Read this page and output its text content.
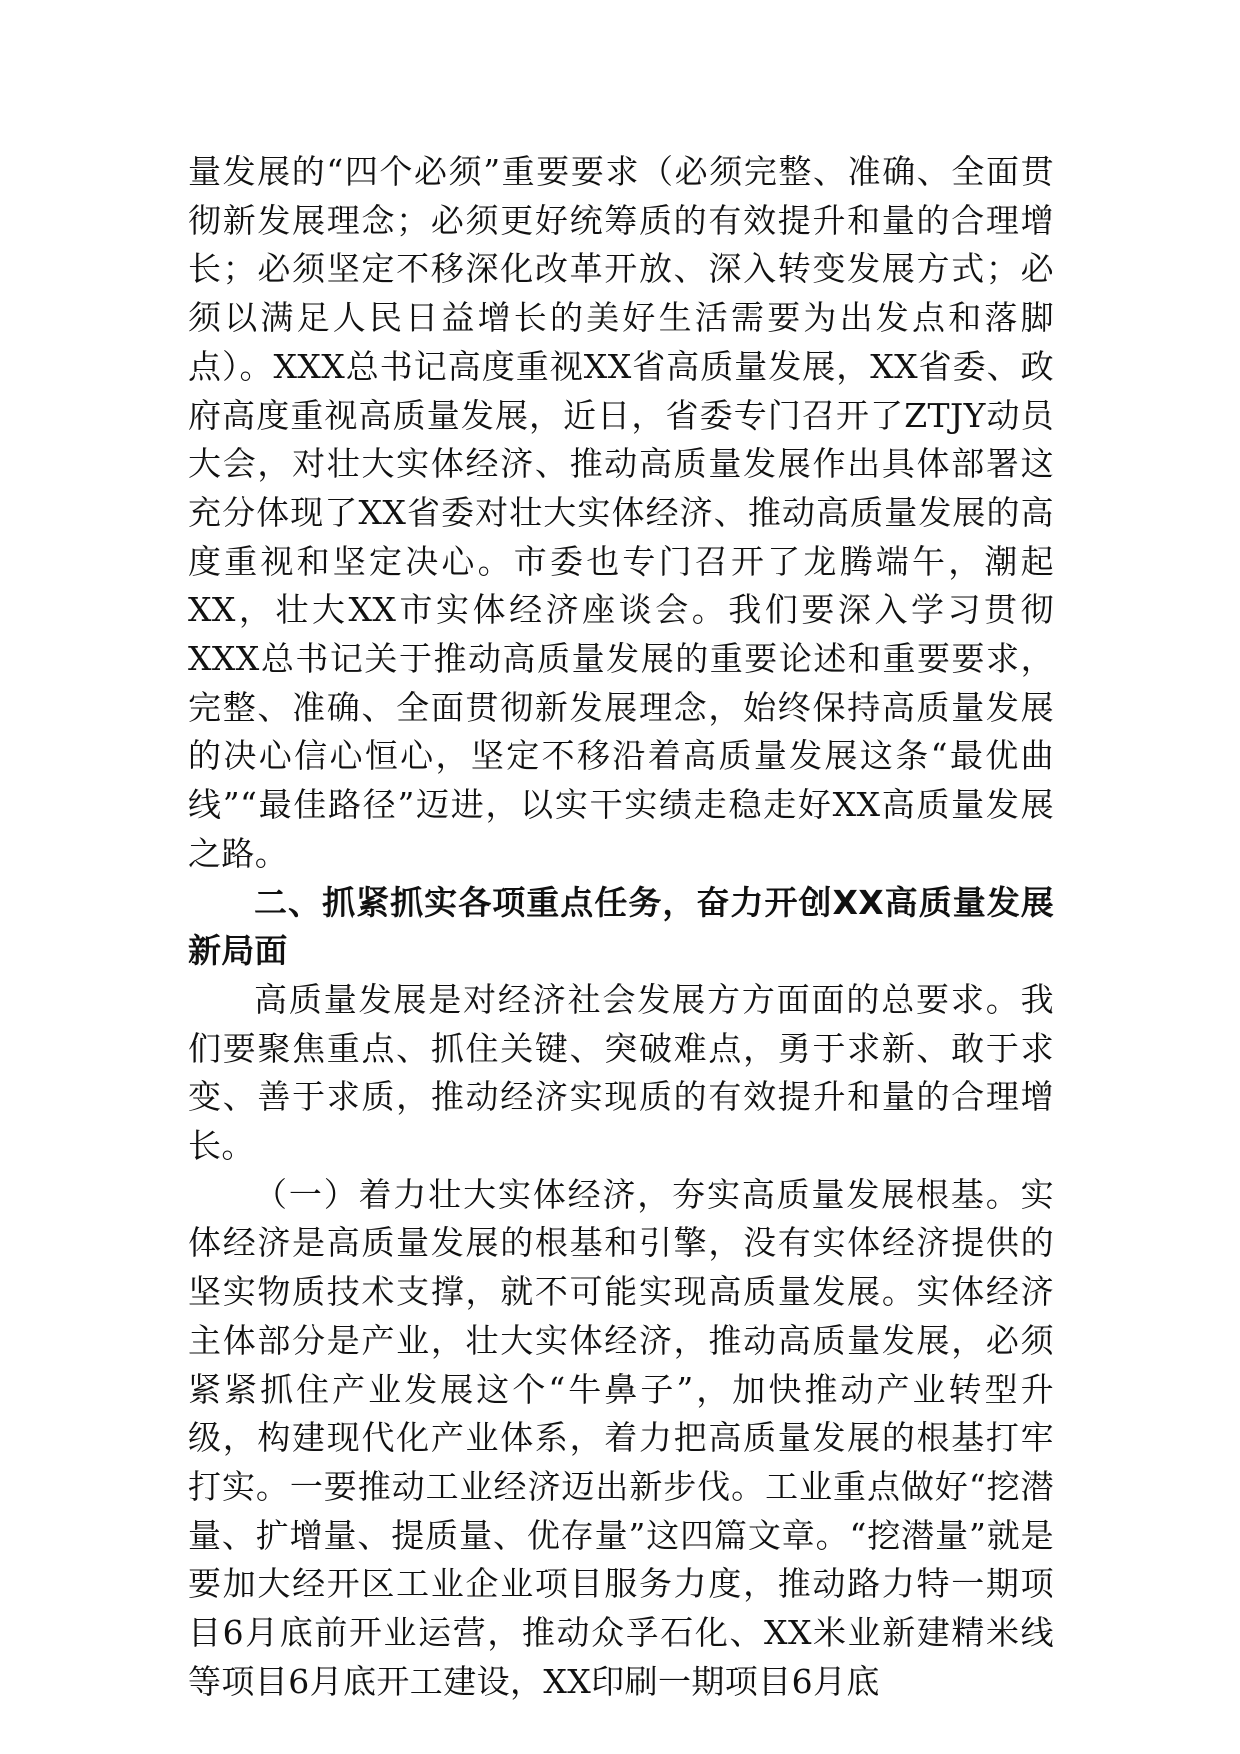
量发展的“四个必须”重要要求（必须完整、准确、全面贯彻新发展理念；必须更好统筹质的有效提升和量的合理增长；必须坚定不移深化改革开放、深入转变发展方式；必须以满足人民日益增长的美好生活需要为出发点和落脚点）。XXX总书记高度重视XX省高质量发展，XX省委、政府高度重视高质量发展，近日，省委专门召开了ZTJY动员大会，对壮大实体经济、推动高质量发展作出具体部署这充分体现了XX省委对壮大实体经济、推动高质量发展的高度重视和坚定决心。市委也专门召开了龙腾端午，潮起XX，壮大XX市实体经济座谈会。我们要深入学习贯彻XXX总书记关于推动高质量发展的重要论述和重要要求，完整、准确、全面贯彻新发展理念，始终保持高质量发展的决心信心恒心，坚定不移沿着高质量发展这条“最优曲线”“最佳路径”迈进，以实干实绩走稳走好XX高质量发展之路。

二、抓紧抓实各项重点任务，奋力开创XX高质量发展新局面

高质量发展是对经济社会发展方方面面的总要求。我们要聚焦重点、抓住关键、突破难点，勇于求新、敢于求变、善于求质，推动经济实现质的有效提升和量的合理增长。

（一）着力壮大实体经济，夯实高质量发展根基。实体经济是高质量发展的根基和引擎，没有实体经济提供的坚实物质技术支撑，就不可能实现高质量发展。实体经济主体部分是产业，壮大实体经济，推动高质量发展，必须紧紧抓住产业发展这个“牛鼻子”，加快推动产业转型升级，构建现代化产业体系，着力把高质量发展的根基打牢打实。一要推动工业经济迈出新步伐。工业重点做好“挖潜量、扩增量、提质量、优存量”这四篇文章。“挖潜量”就是要加大经开区工业企业项目服务力度，推动路力特一期项目6月底前开业运营，推动众孚石化、XX米业新建精米线等项目6月底开工建设，XX印刷一期项目6月底
